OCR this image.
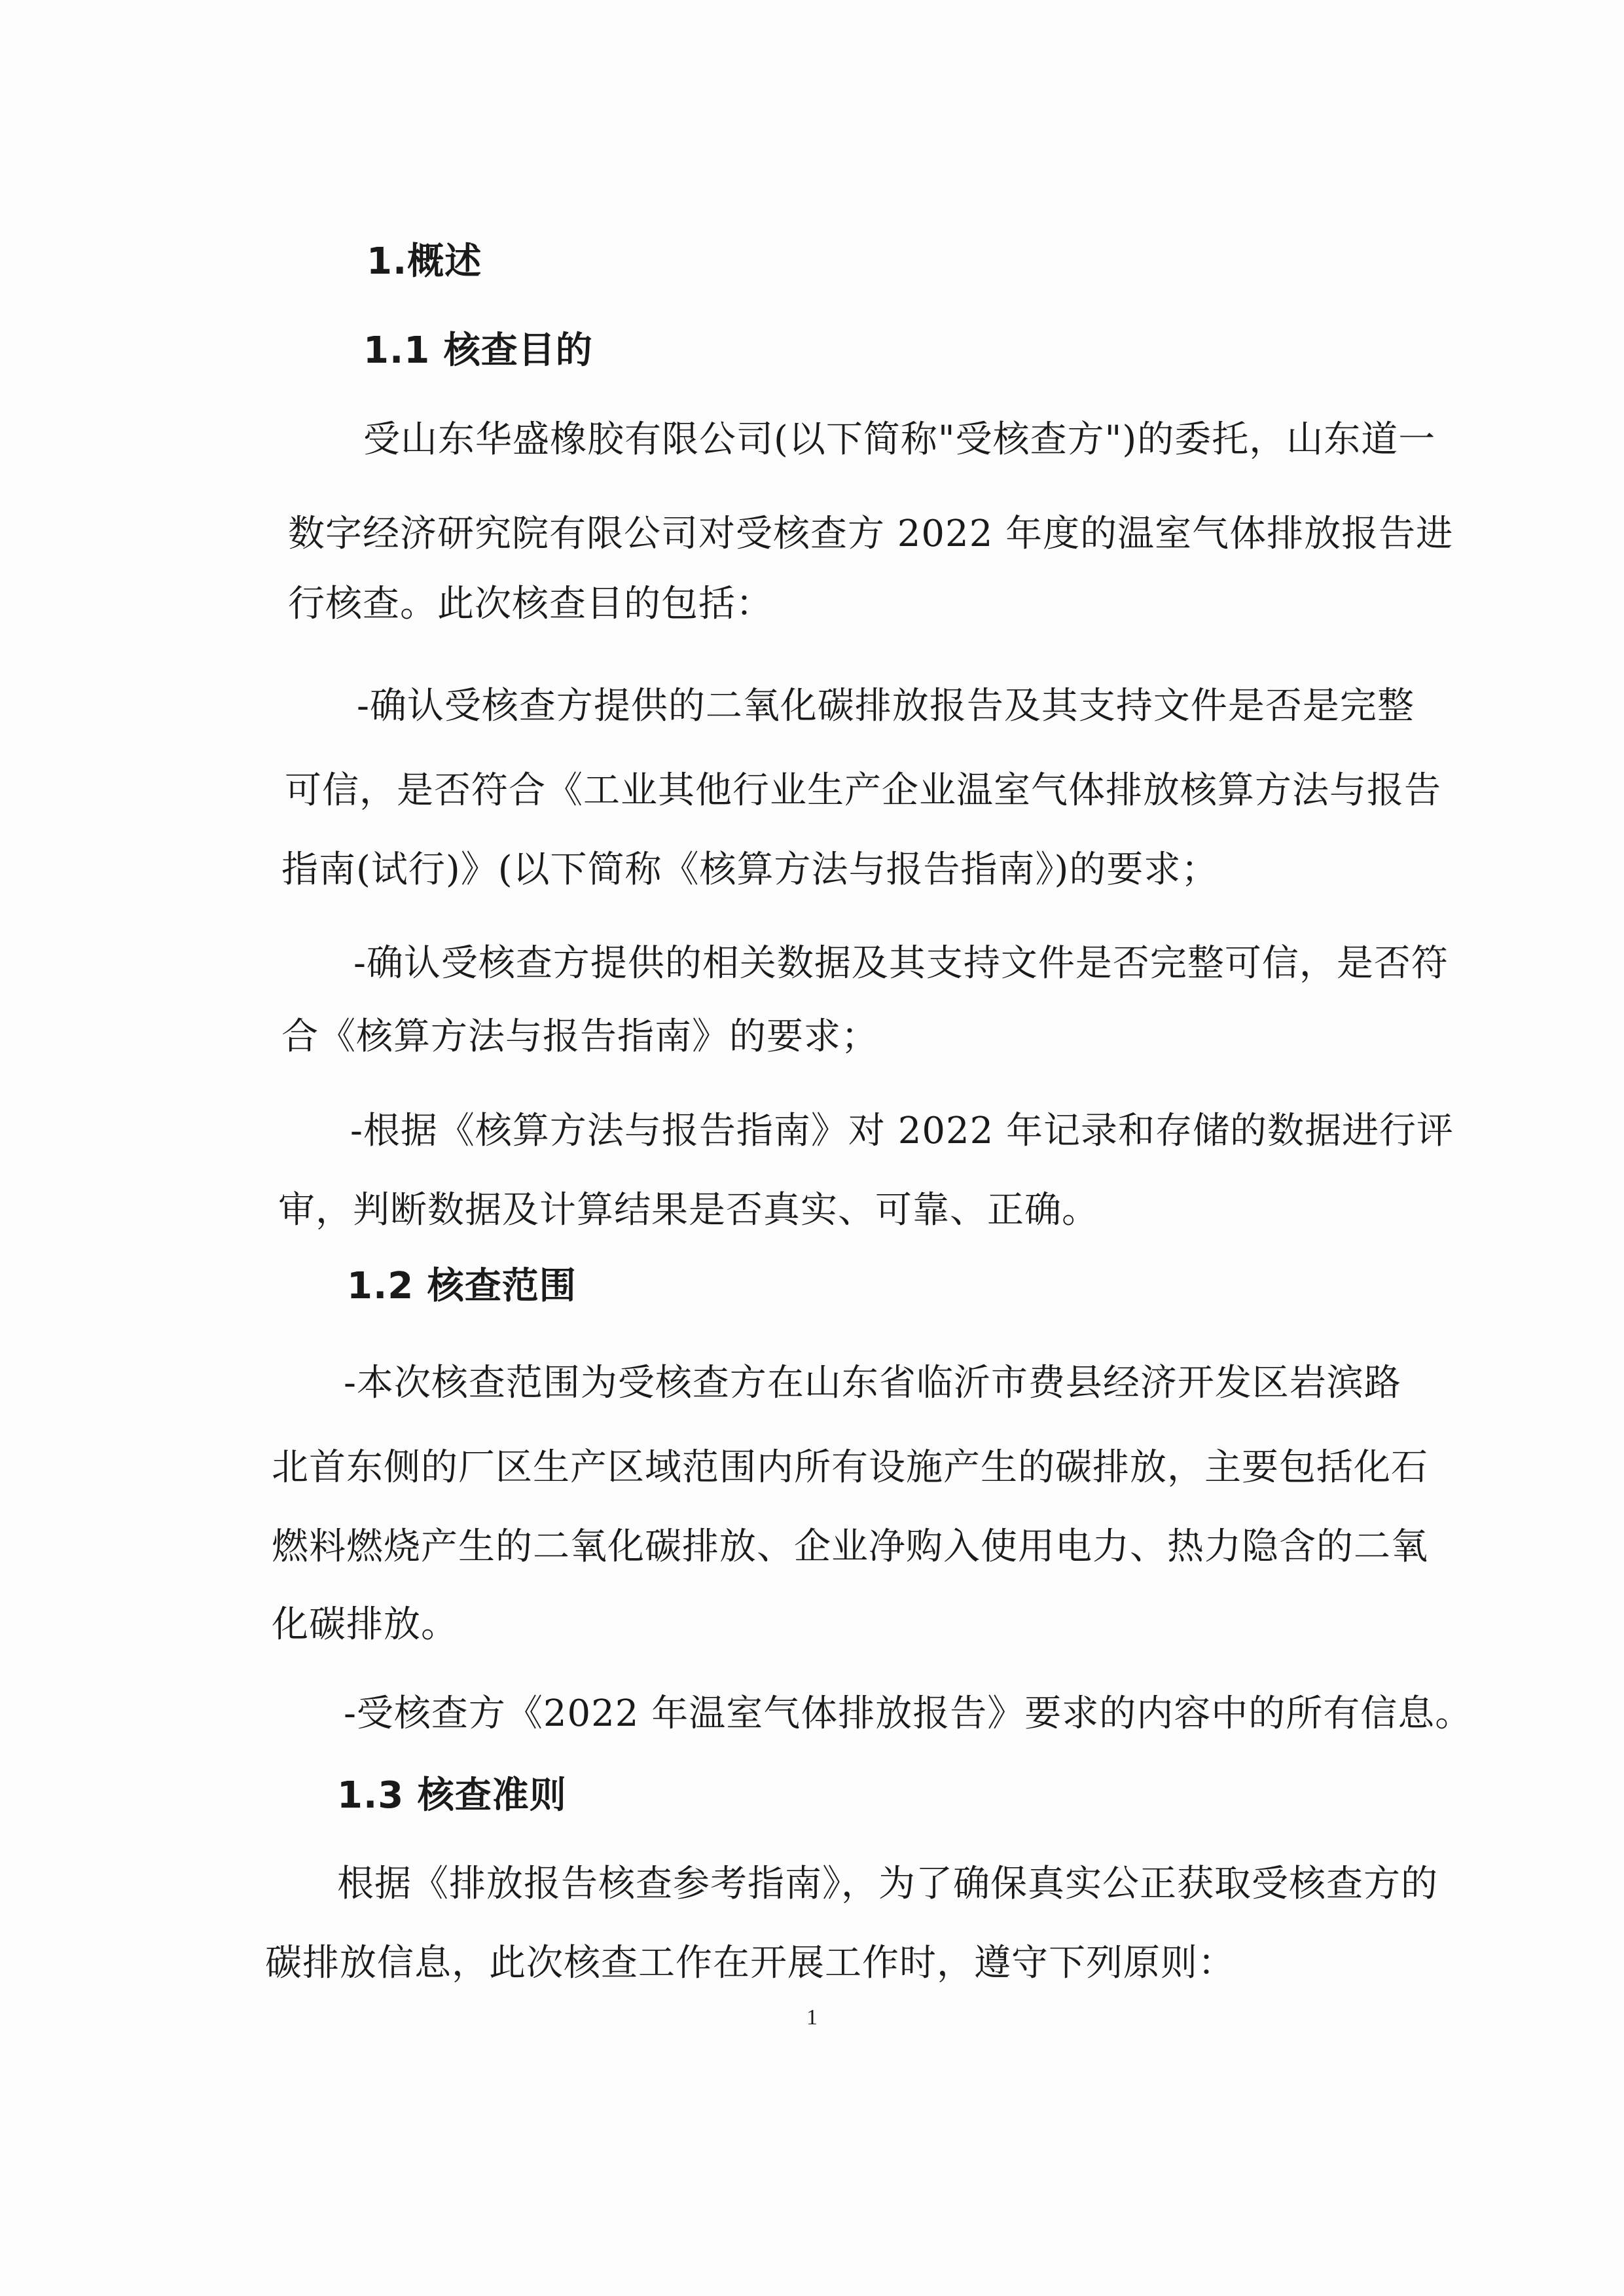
1.概述
1.1 核查目的
受山东华盛橡胶有限公司(以下简称"受核查方")的委托，山东道一
数字经济研究院有限公司对受核查方 2022 年度的温室气体排放报告进
行核查。此次核查目的包括：
-确认受核查方提供的二氧化碳排放报告及其支持文件是否是完整
可信，是否符合《工业其他行业生产企业温室气体排放核算方法与报告
指南(试行)》(以下简称《核算方法与报告指南》)的要求；
-确认受核查方提供的相关数据及其支持文件是否完整可信，是否符
合《核算方法与报告指南》的要求；
-根据《核算方法与报告指南》对 2022 年记录和存储的数据进行评
审，判断数据及计算结果是否真实、可靠、正确。
1.2 核查范围
-本次核查范围为受核查方在山东省临沂市费县经济开发区岩滨路
北首东侧的厂区生产区域范围内所有设施产生的碳排放，主要包括化石
燃料燃烧产生的二氧化碳排放、企业净购入使用电力、热力隐含的二氧
化碳排放。
-受核查方《2022 年温室气体排放报告》要求的内容中的所有信息。
1.3 核查准则
根据《排放报告核查参考指南》，为了确保真实公正获取受核查方的
碳排放信息，此次核查工作在开展工作时，遵守下列原则：
1
